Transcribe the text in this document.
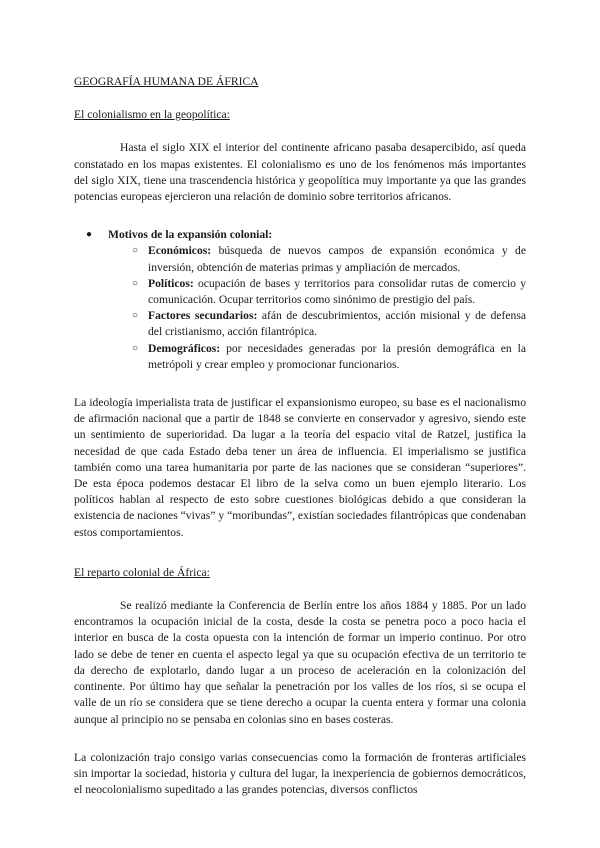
GEOGRAFÍA HUMANA DE ÁFRICA
El colonialismo en la geopolítica:

Hasta el siglo XIX el interior del continente africano pasaba desapercibido, así queda constatado en los mapas existentes. El colonialismo es uno de los fenómenos más importantes del siglo XIX, tiene una trascendencia histórica y geopolítica muy importante ya que las grandes potencias europeas ejercieron una relación de dominio sobre territorios africanos.

●	Motivos de la expansión colonial:
○ Económicos: búsqueda de nuevos campos de expansión económica y de inversión, obtención de materias primas y ampliación de mercados.
○ Políticos: ocupación de bases y territorios para consolidar rutas de comercio y comunicación. Ocupar territorios como sinónimo de prestigio del país.
○ Factores secundarios: afán de descubrimientos, acción misional y de defensa del cristianismo, acción filantrópica.
○ Demográficos: por necesidades generadas por la presión demográfica en la metrópoli y crear empleo y promocionar funcionarios.

La ideología imperialista trata de justificar el expansionismo europeo, su base es el nacionalismo de afirmación nacional que a partir de 1848 se convierte en conservador y agresivo, siendo este un sentimiento de superioridad. Da lugar a la teoría del espacio vital de Ratzel, justifica la necesidad de que cada Estado deba tener un área de influencia. El imperialismo se justifica también como una tarea humanitaria por parte de las naciones que se consideran “superiores”. De esta época podemos destacar El libro de la selva como un buen ejemplo literario. Los políticos hablan al respecto de esto sobre cuestiones biológicas debido a que consideran la existencia de naciones “vivas” y “moribundas”, existían sociedades filantrópicas que condenaban estos comportamientos.

El reparto colonial de África:

Se realizó mediante la Conferencia de Berlín entre los años 1884 y 1885. Por un lado encontramos la ocupación inicial de la costa, desde la costa se penetra poco a poco hacia el interior en busca de la costa opuesta con la intención de formar un imperio continuo. Por otro lado se debe de tener en cuenta el aspecto legal ya que su ocupación efectiva de un territorio te da derecho de explotarlo, dando lugar a un proceso de aceleración en la colonización del continente. Por último hay que señalar la penetración por los valles de los ríos, si se ocupa el valle de un río se considera que se tiene derecho a ocupar la cuenta entera y formar una colonia aunque al principio no se pensaba en colonias sino en bases costeras.

La colonización trajo consigo varias consecuencias como la formación de fronteras artificiales sin importar la sociedad, historia y cultura del lugar, la inexperiencia de gobiernos democráticos, el neocolonialismo supeditado a las grandes potencias, diversos conflictos
